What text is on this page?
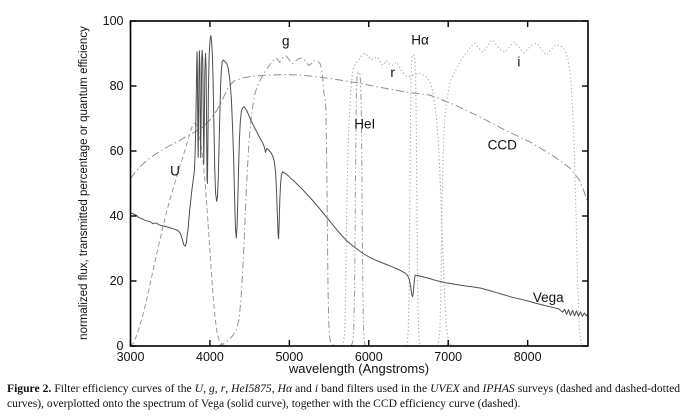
3000	4000	5000	6000	7000	8000
0
20
40
60
80
100
U
g
HeI
r
Hα
i
CCD
Vega
normalized flux, transmitted percentage or quantum efficiency
wavelength (Angstroms)
Figure 2. Filter efficiency curves of the U, g, r, HeI5875, Hα and i band filters used in the UVEX and IPHAS surveys (dashed and dashed-dotted curves), overplotted onto the spectrum of Vega (solid curve), together with the CCD efficiency curve (dashed).
